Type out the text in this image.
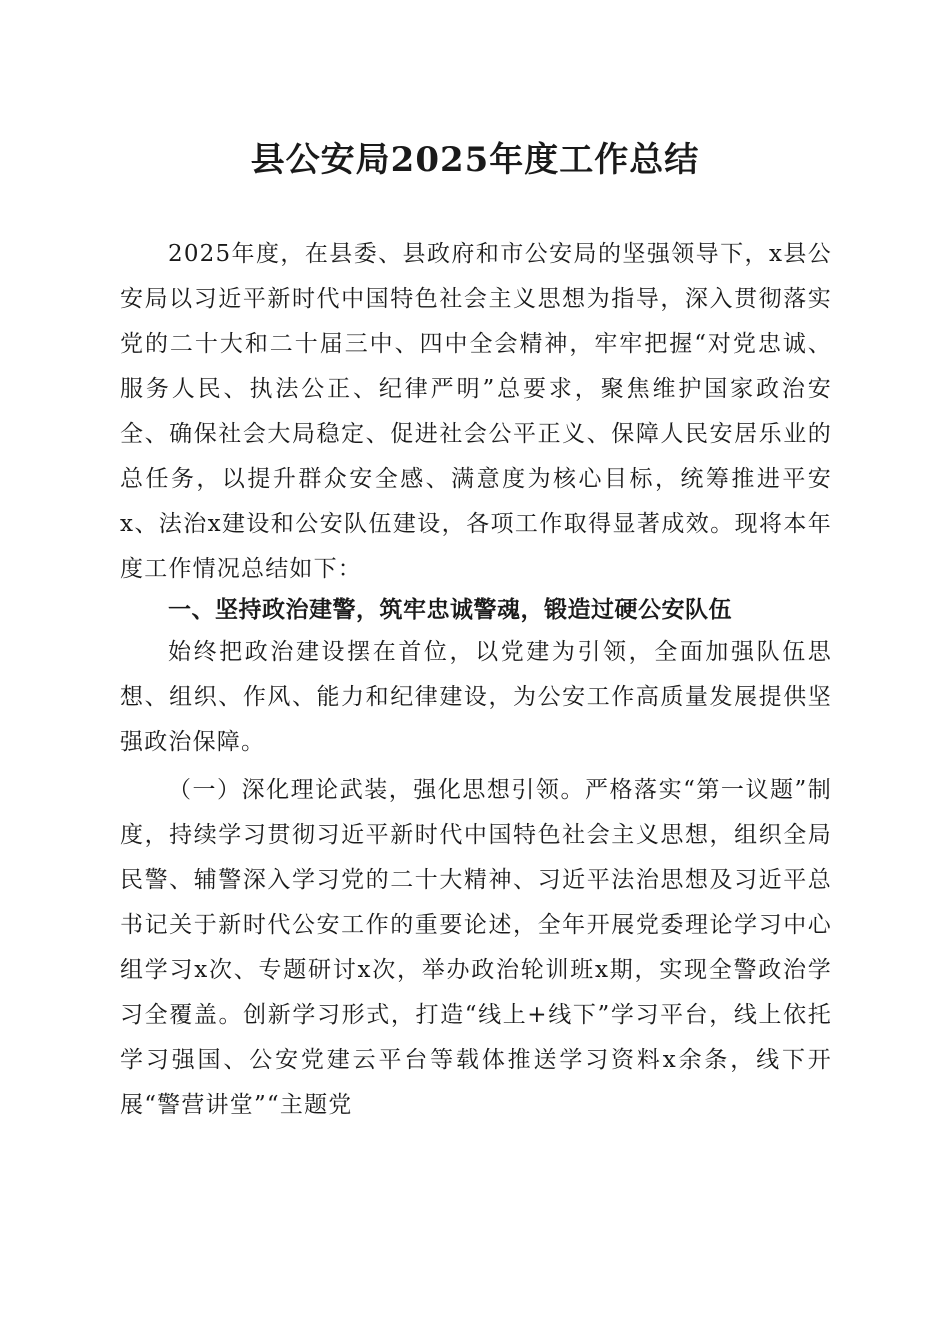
县公安局2025年度工作总结

2025年度，在县委、县政府和市公安局的坚强领导下，x县公安局以习近平新时代中国特色社会主义思想为指导，深入贯彻落实党的二十大和二十届三中、四中全会精神，牢牢把握“对党忠诚、服务人民、执法公正、纪律严明”总要求，聚焦维护国家政治安全、确保社会大局稳定、促进社会公平正义、保障人民安居乐业的总任务，以提升群众安全感、满意度为核心目标，统筹推进平安x、法治x建设和公安队伍建设，各项工作取得显著成效。现将本年度工作情况总结如下：

一、坚持政治建警，筑牢忠诚警魂，锻造过硬公安队伍

始终把政治建设摆在首位，以党建为引领，全面加强队伍思想、组织、作风、能力和纪律建设，为公安工作高质量发展提供坚强政治保障。

（一）深化理论武装，强化思想引领。严格落实“第一议题”制度，持续学习贯彻习近平新时代中国特色社会主义思想，组织全局民警、辅警深入学习党的二十大精神、习近平法治思想及习近平总书记关于新时代公安工作的重要论述，全年开展党委理论学习中心组学习x次、专题研讨x次，举办政治轮训班x期，实现全警政治学习全覆盖。创新学习形式，打造“线上+线下”学习平台，线上依托学习强国、公安党建云平台等载体推送学习资料x余条，线下开展“警营讲堂”“主题党
